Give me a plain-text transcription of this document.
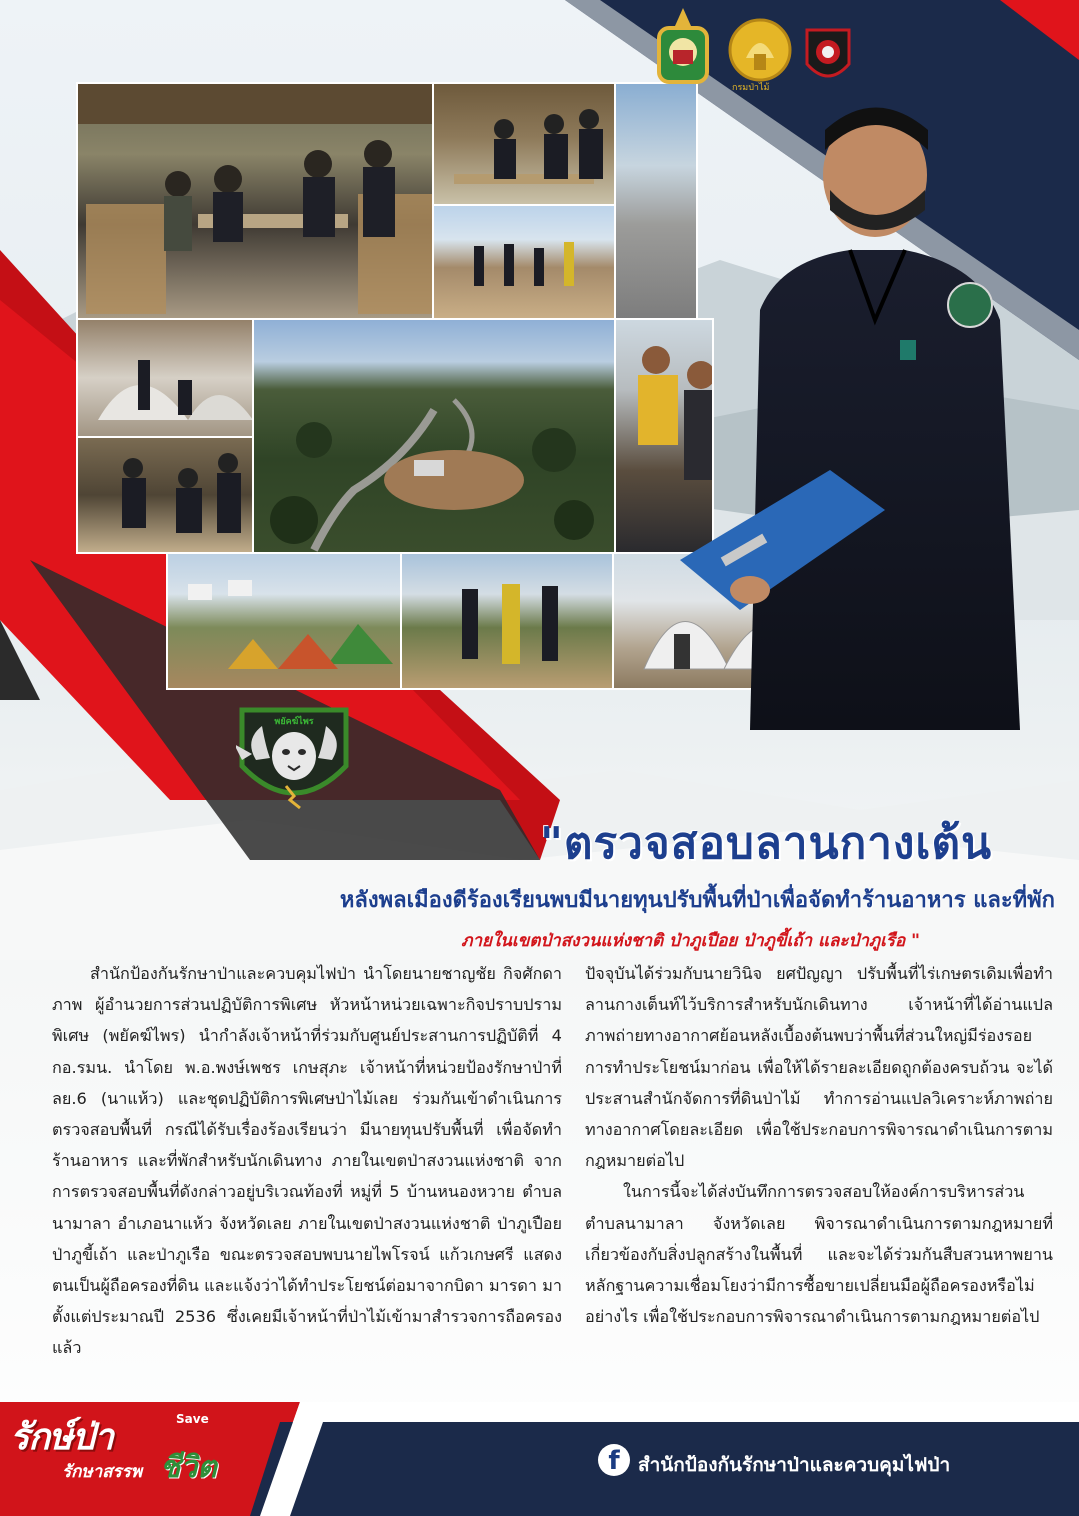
กรมป่าไม้
พยัคฆ์ไพร
"ตรวจสอบลานกางเต้น
หลังพลเมืองดีร้องเรียนพบมีนายทุนปรับพื้นที่ป่าเพื่อจัดทำร้านอาหาร และที่พัก
ภายในเขตป่าสงวนแห่งชาติ ป่าภูเปือย ป่าภูขี้เถ้า และป่าภูเรือ "

สำนักป้องกันรักษาป่าและควบคุมไฟป่า นำโดยนายชาญชัย กิจศักดาภาพ ผู้อำนวยการส่วนปฏิบัติการพิเศษ หัวหน้าหน่วยเฉพาะกิจปราบปรามพิเศษ (พยัคฆ์ไพร) นำกำลังเจ้าหน้าที่ร่วมกับศูนย์ประสานการปฏิบัติที่ 4 กอ.รมน. นำโดย พ.อ.พงษ์เพชร เกษสุภะ เจ้าหน้าที่หน่วยป้องรักษาป่าที่ ลย.6 (นาแห้ว) และชุดปฏิบัติการพิเศษป่าไม้เลย ร่วมกันเข้าดำเนินการตรวจสอบพื้นที่ กรณีได้รับเรื่องร้องเรียนว่า มีนายทุนปรับพื้นที่ เพื่อจัดทำร้านอาหาร และที่พักสำหรับนักเดินทาง ภายในเขตป่าสงวนแห่งชาติ จากการตรวจสอบพื้นที่ดังกล่าวอยู่บริเวณท้องที่ หมู่ที่ 5 บ้านหนองหวาย ตำบลนามาลา อำเภอนาแห้ว จังหวัดเลย ภายในเขตป่าสงวนแห่งชาติ ป่าภูเปือย ป่าภูขี้เถ้า และป่าภูเรือ ขณะตรวจสอบพบนายไพโรจน์ แก้วเกษศรี แสดงตนเป็นผู้ถือครองที่ดิน และแจ้งว่าได้ทำประโยชน์ต่อมาจากบิดา มารดา มาตั้งแต่ประมาณปี 2536 ซึ่งเคยมีเจ้าหน้าที่ป่าไม้เข้ามาสำรวจการถือครองแล้ว

ปัจจุบันได้ร่วมกับนายวินิจ ยศปัญญา ปรับพื้นที่ไร่เกษตรเดิมเพื่อทำลานกางเต็นท์ไว้บริการสำหรับนักเดินทาง เจ้าหน้าที่ได้อ่านแปลภาพถ่ายทางอากาศย้อนหลังเบื้องต้นพบว่าพื้นที่ส่วนใหญ่มีร่องรอยการทำประโยชน์มาก่อน เพื่อให้ได้รายละเอียดถูกต้องครบถ้วน จะได้ประสานสำนักจัดการที่ดินป่าไม้ ทำการอ่านแปลวิเคราะห์ภาพถ่ายทางอากาศโดยละเอียด เพื่อใช้ประกอบการพิจารณาดำเนินการตามกฎหมายต่อไป

ในการนี้จะได้ส่งบันทึกการตรวจสอบให้องค์การบริหารส่วนตำบลนามาลา จังหวัดเลย พิจารณาดำเนินการตามกฎหมายที่เกี่ยวข้องกับสิ่งปลูกสร้างในพื้นที่ และจะได้ร่วมกันสืบสวนหาพยานหลักฐานความเชื่อมโยงว่ามีการซื้อขายเปลี่ยนมือผู้ถือครองหรือไม่ อย่างไร เพื่อใช้ประกอบการพิจารณาดำเนินการตามกฎหมายต่อไป

รักษ์ป่า	Save
ชีวิต
รักษาสรรพ	f สำนักป้องกันรักษาป่าและควบคุมไฟป่า
